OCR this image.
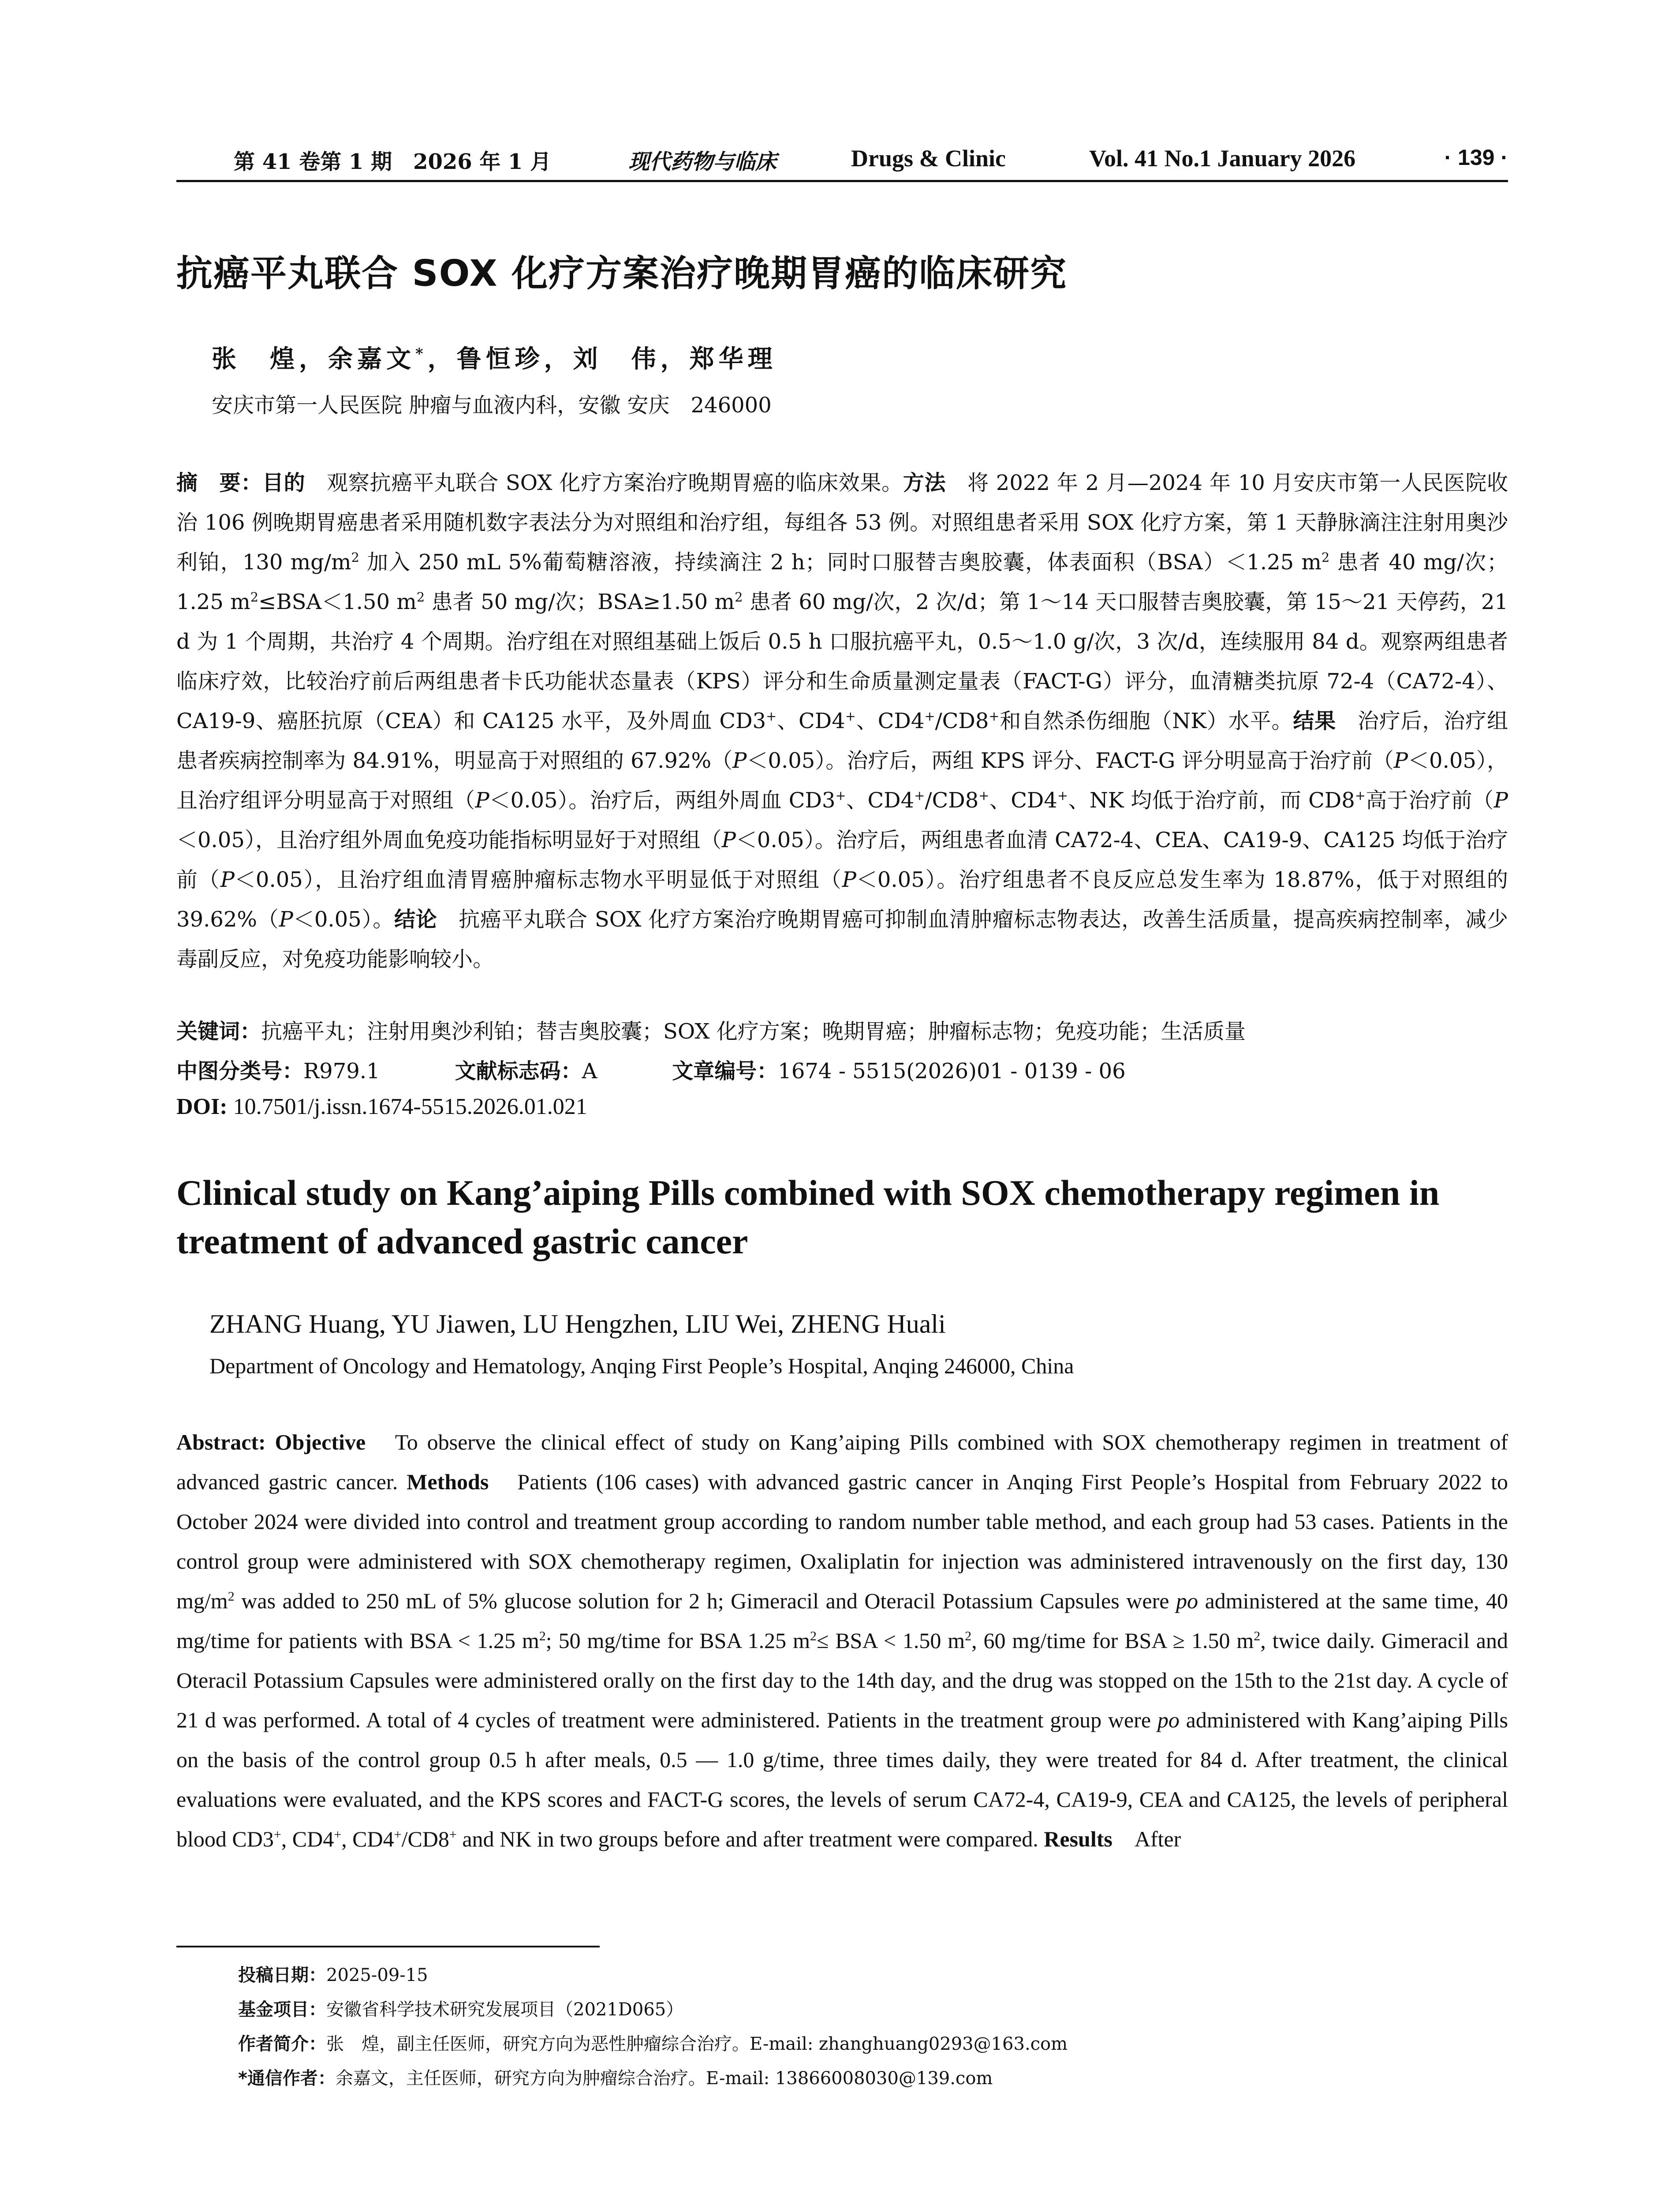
第 41 卷第 1 期　2026 年 1 月	现代药物与临床	Drugs & Clinic	Vol. 41 No.1 January 2026	· 139 ·
抗癌平丸联合 SOX 化疗方案治疗晚期胃癌的临床研究
张　煌，余嘉文*，鲁恒珍，刘　伟，郑华理
安庆市第一人民医院 肿瘤与血液内科，安徽 安庆　246000

摘　要：目的　观察抗癌平丸联合 SOX 化疗方案治疗晚期胃癌的临床效果。方法　将 2022 年 2 月—2024 年 10 月安庆市第一人民医院收治 106 例晚期胃癌患者采用随机数字表法分为对照组和治疗组，每组各 53 例。对照组患者采用 SOX 化疗方案，第 1 天静脉滴注注射用奥沙利铂，130 $mg/m^2$ 加入 250 mL 5%葡萄糖溶液，持续滴注 2 h；同时口服替吉奥胶囊，体表面积（BSA）＜1.25 $m^2$ 患者 40 mg/次；1.25 $m^2\le BSA<1.50$ $m^2$ 患者 50 mg/次；BSA≥1.50 $m^2$ 患者 60 mg/次，2 次/d；第 1～14 天口服替吉奥胶囊，第 15～21 天停药，21 d 为 1 个周期，共治疗 4 个周期。治疗组在对照组基础上饭后 0.5 h 口服抗癌平丸，0.5～1.0 g/次，3 次/d，连续服用 84 d。观察两组患者临床疗效，比较治疗前后两组患者卡氏功能状态量表（KPS）评分和生命质量测定量表（FACT-G）评分，血清糖类抗原 72-4（CA72-4）、CA19-9、癌胚抗原（CEA）和 CA125 水平，及外周血 CD3+、CD4+、CD4+/CD8+和自然杀伤细胞（NK）水平。结果　治疗后，治疗组患者疾病控制率为 84.91%，明显高于对照组的 67.92%（P＜0.05）。治疗后，两组 KPS 评分、FACT-G 评分明显高于治疗前（P＜0.05），且治疗组评分明显高于对照组（P＜0.05）。治疗后，两组外周血 CD3+、CD4+/CD8+、CD4+、NK 均低于治疗前，而 CD8+高于治疗前（P＜0.05），且治疗组外周血免疫功能指标明显好于对照组（P＜0.05）。治疗后，两组患者血清 CA72-4、CEA、CA19-9、CA125 均低于治疗前（P＜0.05），且治疗组血清胃癌肿瘤标志物水平明显低于对照组（P＜0.05）。治疗组患者不良反应总发生率为 18.87%，低于对照组的 39.62%（P＜0.05）。结论　抗癌平丸联合 SOX 化疗方案治疗晚期胃癌可抑制血清肿瘤标志物表达，改善生活质量，提高疾病控制率，减少毒副反应，对免疫功能影响较小。

关键词：抗癌平丸；注射用奥沙利铂；替吉奥胶囊；SOX 化疗方案；晚期胃癌；肿瘤标志物；免疫功能；生活质量
中图分类号：R979.1	文献标志码：A	文章编号：1674 - 5515(2026)01 - 0139 - 06
DOI: 10.7501/j.issn.1674-5515.2026.01.021
Clinical study on Kang’aiping Pills combined with SOX chemotherapy regimen in treatment of advanced gastric cancer
ZHANG Huang, YU Jiawen, LU Hengzhen, LIU Wei, ZHENG Huali
Department of Oncology and Hematology, Anqing First People’s Hospital, Anqing 246000, China

Abstract: Objective　To observe the clinical effect of study on Kang’aiping Pills combined with SOX chemotherapy regimen in treatment of advanced gastric cancer. Methods　Patients (106 cases) with advanced gastric cancer in Anqing First People’s Hospital from February 2022 to October 2024 were divided into control and treatment group according to random number table method, and each group had 53 cases. Patients in the control group were administered with SOX chemotherapy regimen, Oxaliplatin for injection was administered intravenously on the first day, 130 $mg/m^2$ was added to 250 mL of 5% glucose solution for 2 h; Gimeracil and Oteracil Potassium Capsules were po administered at the same time, 40 mg/time for patients with BSA < 1.25 $m^2$; 50 mg/time for BSA 1.25 $m^2\le$ BSA < 1.50 $m^2$, 60 mg/time for BSA ≥ 1.50 $m^2$, twice daily. Gimeracil and Oteracil Potassium Capsules were administered orally on the first day to the 14th day, and the drug was stopped on the 15th to the 21st day. A cycle of 21 d was performed. A total of 4 cycles of treatment were administered. Patients in the treatment group were po administered with Kang’aiping Pills on the basis of the control group 0.5 h after meals, 0.5 — 1.0 g/time, three times daily, they were treated for 84 d. After treatment, the clinical evaluations were evaluated, and the KPS scores and FACT-G scores, the levels of serum CA72-4, CA19-9, CEA and CA125, the levels of peripheral blood CD3+, CD4+, CD4+/CD8+ and NK in two groups before and after treatment were compared. Results　After

投稿日期：2025-09-15
基金项目：安徽省科学技术研究发展项目（2021D065）
作者简介：张　煌，副主任医师，研究方向为恶性肿瘤综合治疗。E-mail: zhanghuang0293@163.com
*通信作者：余嘉文，主任医师，研究方向为肿瘤综合治疗。E-mail: 13866008030@139.com
